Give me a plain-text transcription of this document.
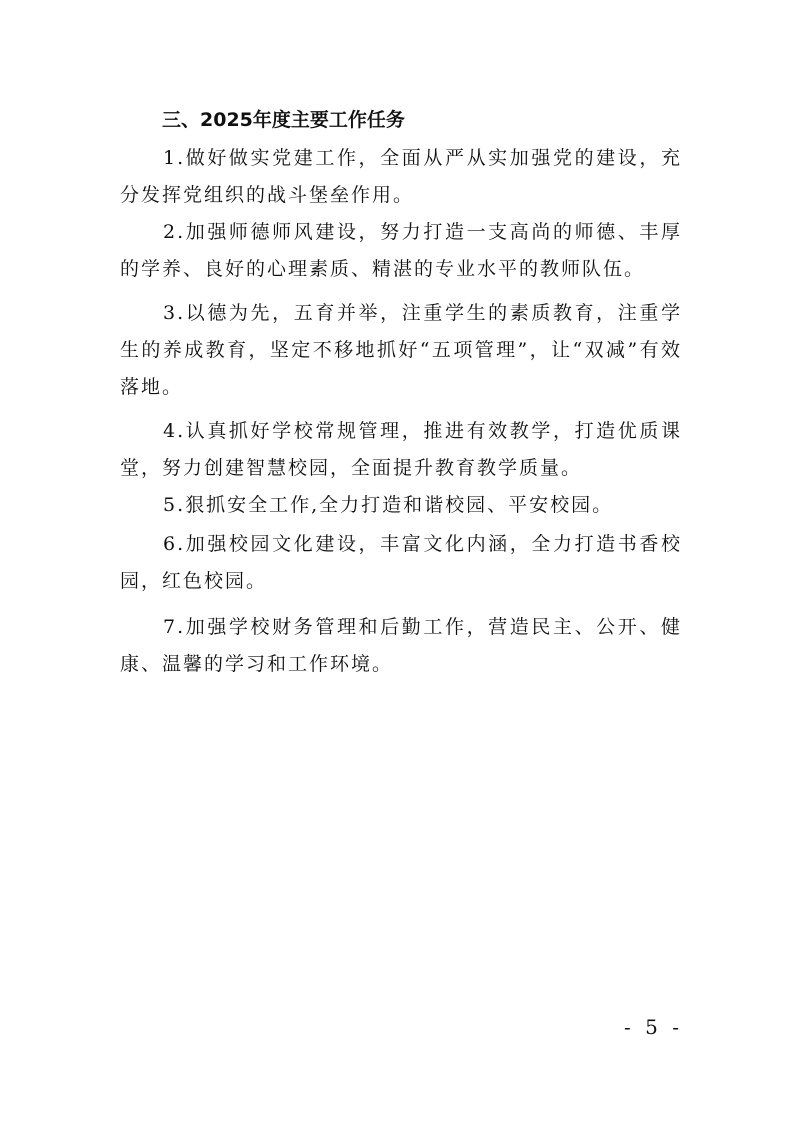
三、2025年度主要工作任务

1.做好做实党建工作，全面从严从实加强党的建设，充分发挥党组织的战斗堡垒作用。

2.加强师德师风建设，努力打造一支高尚的师德、丰厚的学养、良好的心理素质、精湛的专业水平的教师队伍。

3.以德为先，五育并举，注重学生的素质教育，注重学生的养成教育，坚定不移地抓好“五项管理”，让“双减”有效落地。

4.认真抓好学校常规管理，推进有效教学，打造优质课堂，努力创建智慧校园，全面提升教育教学质量。

5.狠抓安全工作,全力打造和谐校园、平安校园。

6.加强校园文化建设，丰富文化内涵，全力打造书香校园，红色校园。

7.加强学校财务管理和后勤工作，营造民主、公开、健康、温馨的学习和工作环境。

- 5 -
